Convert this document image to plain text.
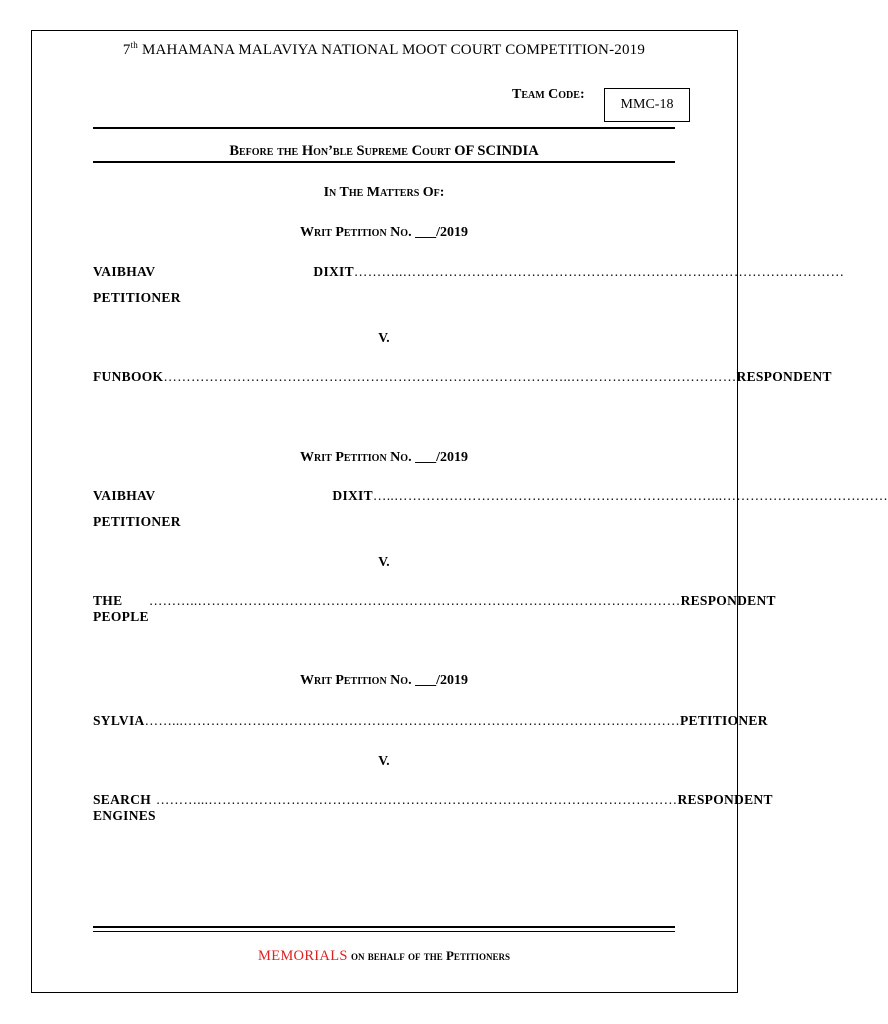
7th MAHAMANA MALAVIYA NATIONAL MOOT COURT COMPETITION-2019
Team Code:
MMC-18
Before the Hon’ble Supreme Court OF SCINDIA
In The Matters Of:
Writ Petition No. ___/2019
VAIBHAV	DIXIT ………..……………………………………………………………………………………
PETITIONER
V.
FUNBOOK ……………………………………………………………………………..……………………………… RESPONDENT
Writ Petition No. ___/2019
VAIBHAV	DIXIT …..……………………………………………………………...………………………………
PETITIONER
V.
THE PEOPLE
………..…………………………………………………………………………………………… RESPONDENT
Writ Petition No. ___/2019
SYLVIA ……...……………………………………………………………………………………………… PETITIONER
V.
SEARCH ENGINES
………...………………………………………………………………………………………… RESPONDENT
MEMORIALS on behalf of the Petitioners
